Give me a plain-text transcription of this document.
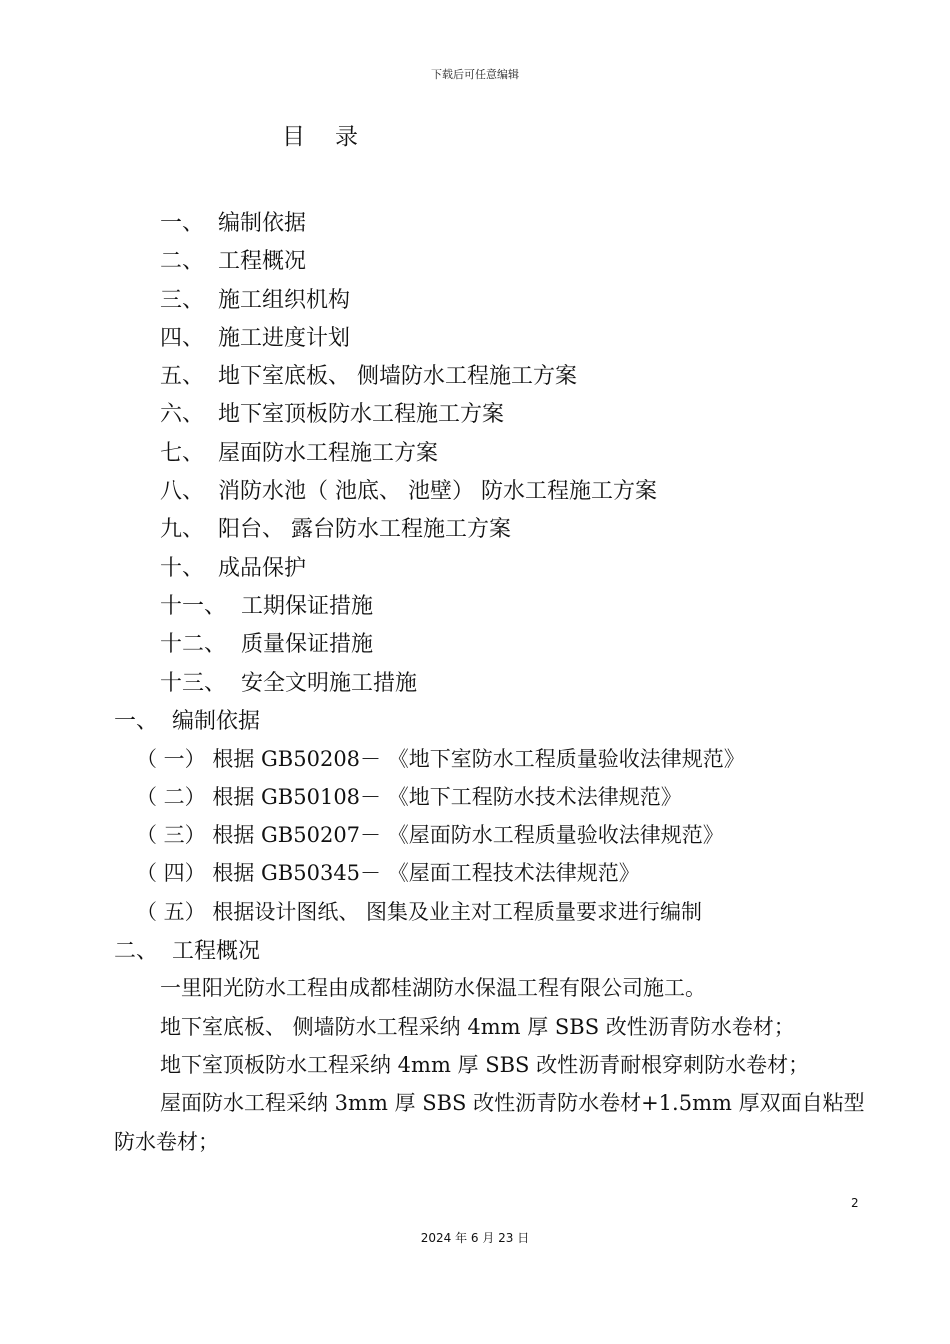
下载后可任意编辑
目录
一、 编制依据
二、 工程概况
三、 施工组织机构
四、 施工进度计划
五、 地下室底板、 侧墙防水工程施工方案
六、 地下室顶板防水工程施工方案
七、 屋面防水工程施工方案
八、 消防水池（ 池底、 池壁） 防水工程施工方案
九、 阳台、 露台防水工程施工方案
十、 成品保护
十一、 工期保证措施
十二、 质量保证措施
十三、 安全文明施工措施
一、 编制依据
（ 一） 根据 GB50208－ 《地下室防水工程质量验收法律规范》
（ 二） 根据 GB50108－ 《地下工程防水技术法律规范》
（ 三） 根据 GB50207－ 《屋面防水工程质量验收法律规范》
（ 四） 根据 GB50345－ 《屋面工程技术法律规范》
（ 五） 根据设计图纸、 图集及业主对工程质量要求进行编制
二、 工程概况
一里阳光防水工程由成都桂湖防水保温工程有限公司施工。
地下室底板、 侧墙防水工程采纳 4mm 厚 SBS 改性沥青防水卷材；
地下室顶板防水工程采纳 4mm 厚 SBS 改性沥青耐根穿刺防水卷材；
屋面防水工程采纳 3mm 厚 SBS 改性沥青防水卷材+1.5mm 厚双面自粘型
防水卷材；
2
2024 年 6 月 23 日
